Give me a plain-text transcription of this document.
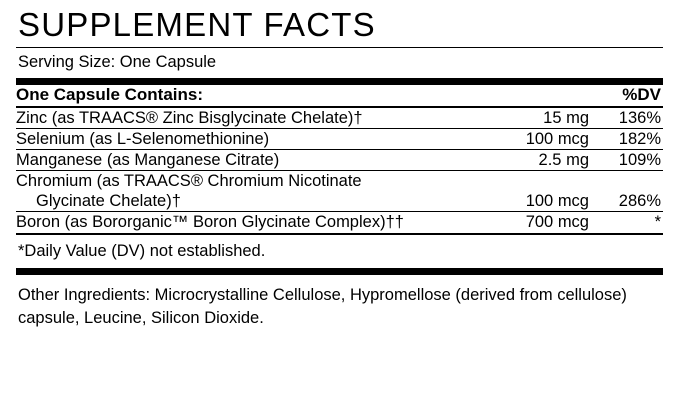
SUPPLEMENT FACTS
Serving Size: One Capsule
One Capsule Contains:		%DV

Zinc (as TRAACS® Zinc Bisglycinate Chelate)†	15 mg	136%

Selenium (as L-Selenomethionine)	100 mcg	182%

Manganese (as Manganese Citrate)	2.5 mg	109%

Chromium (as TRAACS® Chromium Nicotinate
Glycinate Chelate)†	100 mcg	286%

Boron (as Bororganic™ Boron Glycinate Complex)††	700 mcg	*
*Daily Value (DV) not established.
Other Ingredients: Microcrystalline Cellulose, Hypromellose (derived from cellulose) capsule, Leucine, Silicon Dioxide.
